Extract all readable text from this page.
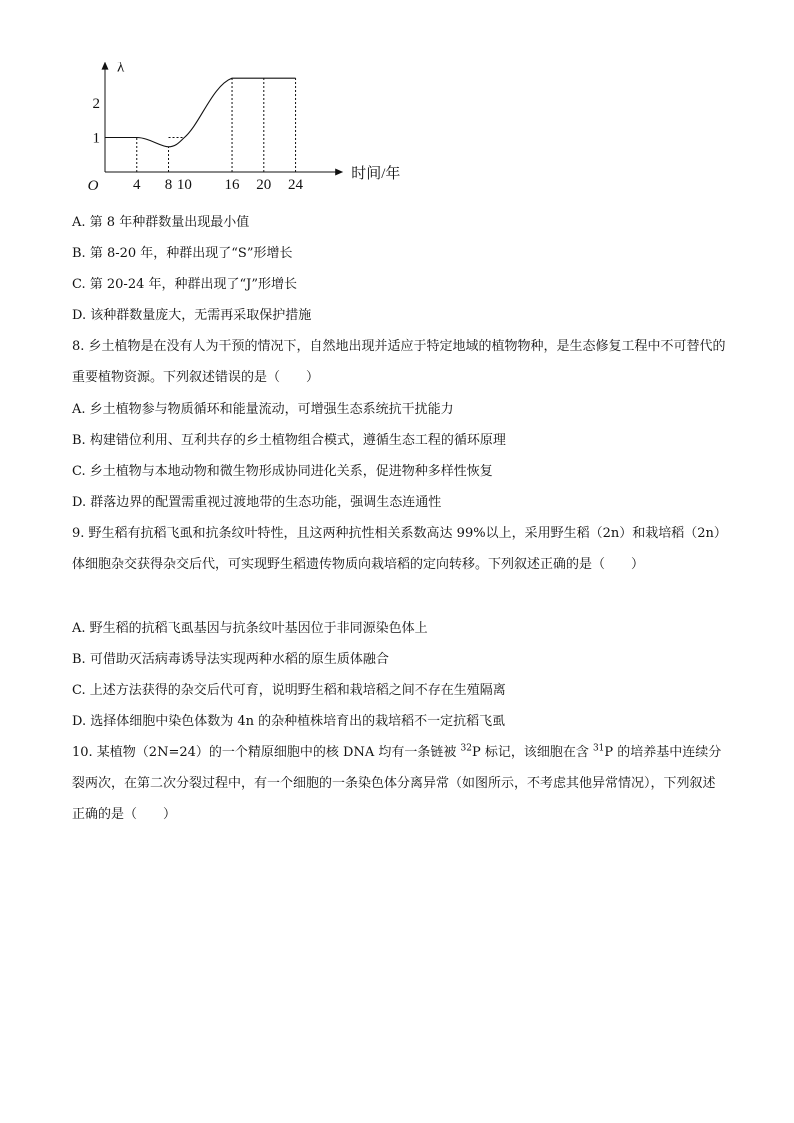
4 8 10 16 20 24
1
2
O
λ
时间/年
A. 第 8 年种群数量出现最小值
B. 第 8-20 年，种群出现了“S”形增长
C. 第 20-24 年，种群出现了“J”形增长
D. 该种群数量庞大，无需再采取保护措施
8. 乡土植物是在没有人为干预的情况下，自然地出现并适应于特定地域的植物物种，是生态修复工程中不可替代的重要植物资源。下列叙述错误的是（　　）
A. 乡土植物参与物质循环和能量流动，可增强生态系统抗干扰能力
B. 构建错位利用、互利共存的乡土植物组合模式，遵循生态工程的循环原理
C. 乡土植物与本地动物和微生物形成协同进化关系，促进物种多样性恢复
D. 群落边界的配置需重视过渡地带的生态功能，强调生态连通性
9. 野生稻有抗稻飞虱和抗条纹叶特性，且这两种抗性相关系数高达 99%以上，采用野生稻（2n）和栽培稻（2n）体细胞杂交获得杂交后代，可实现野生稻遗传物质向栽培稻的定向转移。下列叙述正确的是（　　）
A. 野生稻的抗稻飞虱基因与抗条纹叶基因位于非同源染色体上
B. 可借助灭活病毒诱导法实现两种水稻的原生质体融合
C. 上述方法获得的杂交后代可育，说明野生稻和栽培稻之间不存在生殖隔离
D. 选择体细胞中染色体数为 4n 的杂种植株培育出的栽培稻不一定抗稻飞虱
10. 某植物（2N=24）的一个精原细胞中的核 DNA 均有一条链被 $^{32}$P 标记，该细胞在含 $^{31}$P 的培养基中连续分裂两次，在第二次分裂过程中，有一个细胞的一条染色体分离异常（如图所示，不考虑其他异常情况），下列叙述正确的是（　　）
